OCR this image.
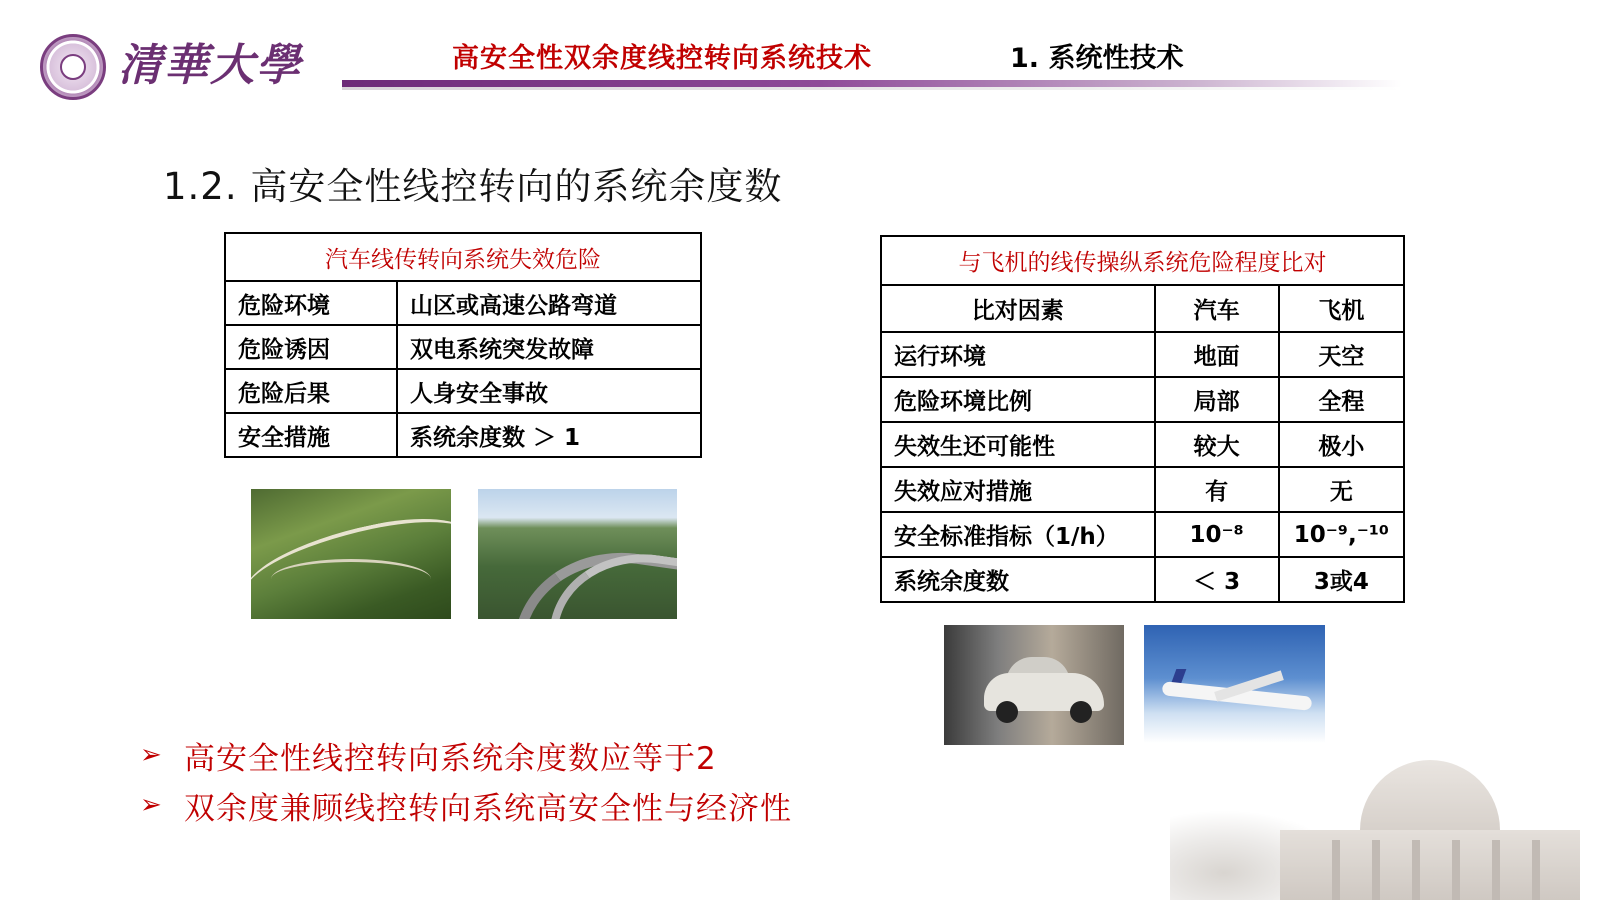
清華大學	高安全性双余度线控转向系统技术	1. 系统性技术
1.2. 高安全性线控转向的系统余度数
汽车线传转向系统失效危险	
危险环境	山区或高速公路弯道
危险诱因	双电系统突发故障
危险后果	人身安全事故
安全措施	系统余度数 ＞ 1
与飞机的线传操纵系统危险程度比对		
比对因素	汽车	飞机
运行环境	地面	天空
危险环境比例	局部	全程
失效生还可能性	较大	极小
失效应对措施	有	无
安全标准指标（1/h）	10⁻⁸	10⁻⁹,⁻¹⁰
系统余度数	＜ 3	3或4
➢ 高安全性线控转向系统余度数应等于2
➢ 双余度兼顾线控转向系统高安全性与经济性
